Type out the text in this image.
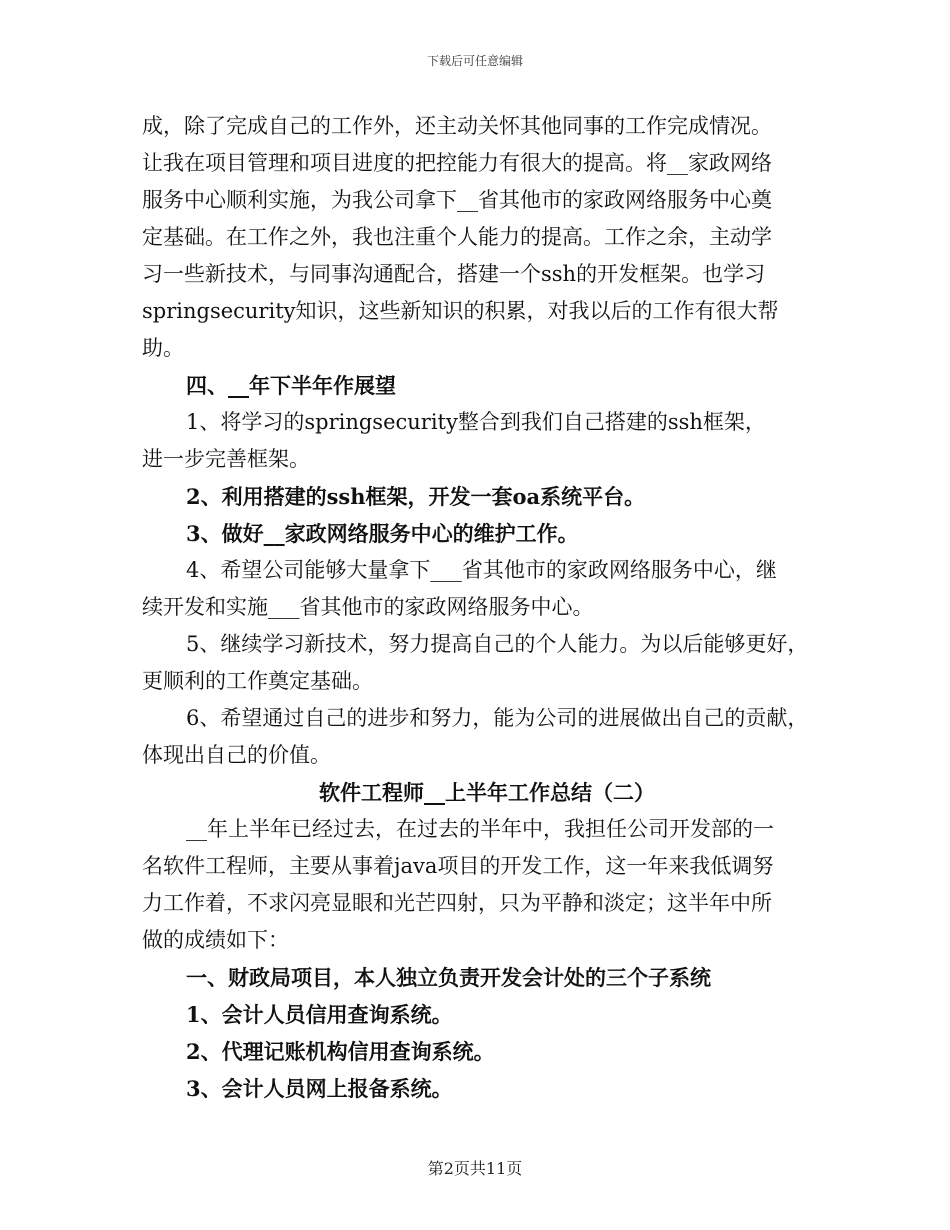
下载后可任意编辑
成，除了完成自己的工作外，还主动关怀其他同事的工作完成情况。
让我在项目管理和项目进度的把控能力有很大的提高。将__家政网络
服务中心顺利实施，为我公司拿下__省其他市的家政网络服务中心奠
定基础。在工作之外，我也注重个人能力的提高。工作之余，主动学
习一些新技术，与同事沟通配合，搭建一个ssh的开发框架。也学习
springsecurity知识，这些新知识的积累，对我以后的工作有很大帮
助。
四、__年下半年作展望
1、将学习的springsecurity整合到我们自己搭建的ssh框架，
进一步完善框架。
2、利用搭建的ssh框架，开发一套oa系统平台。
3、做好__家政网络服务中心的维护工作。
4、希望公司能够大量拿下___省其他市的家政网络服务中心，继
续开发和实施___省其他市的家政网络服务中心。
5、继续学习新技术，努力提高自己的个人能力。为以后能够更好，
更顺利的工作奠定基础。
6、希望通过自己的进步和努力，能为公司的进展做出自己的贡献，
体现出自己的价值。
软件工程师__上半年工作总结（二）
__年上半年已经过去，在过去的半年中，我担任公司开发部的一
名软件工程师，主要从事着java项目的开发工作，这一年来我低调努
力工作着，不求闪亮显眼和光芒四射，只为平静和淡定；这半年中所
做的成绩如下：
一、财政局项目，本人独立负责开发会计处的三个子系统
1、会计人员信用查询系统。
2、代理记账机构信用查询系统。
3、会计人员网上报备系统。
第2页共11页
